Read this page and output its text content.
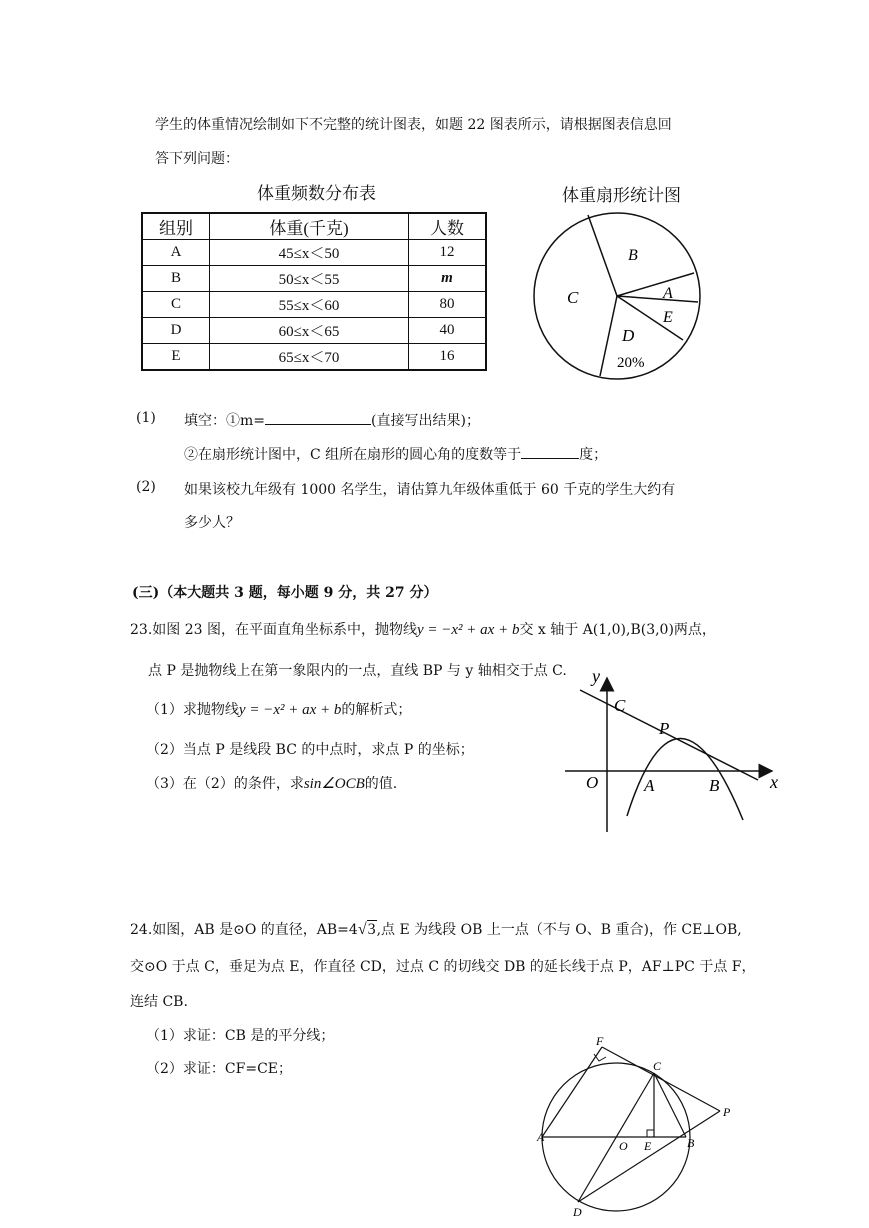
学生的体重情况绘制如下不完整的统计图表，如题 22 图表所示，请根据图表信息回
答下列问题：
体重频数分布表
组别	体重(千克)	人数
A	45≤x＜50	12
B	50≤x＜55	m
C	55≤x＜60	80
D	60≤x＜65	40
E	65≤x＜70	16
体重扇形统计图
B
A
E
C
D
20%
(1) 填空：①m=	(直接写出结果)；
②在扇形统计图中，C 组所在扇形的圆心角的度数等于	度；
(2) 如果该校九年级有 1000 名学生，请估算九年级体重低于 60 千克的学生大约有
多少人？
(三)（本大题共 3 题，每小题 9 分，共 27 分）
23.如图 23 图，在平面直角坐标系中，抛物线y = −x² + ax + b交 x 轴于 A(1,0),B(3,0)两点，
点 P 是抛物线上在第一象限内的一点，直线 BP 与 y 轴相交于点 C.
（1）求抛物线y = −x² + ax + b的解析式；
（2）当点 P 是线段 BC 的中点时，求点 P 的坐标；
（3）在（2）的条件，求sin∠OCB的值.
y
x
O	A	B
C
P
24.如图，AB 是⊙O 的直径，AB=4√3,点 E 为线段 OB 上一点（不与 O、B 重合)，作 CE⊥OB,
交⊙O 于点 C，垂足为点 E，作直径 CD，过点 C 的切线交 DB 的延长线于点 P，AF⊥PC 于点 F，
连结 CB.
（1）求证：CB 是的平分线；
（2）求证：CF=CE；
F
C
P
A
O E	B
D
